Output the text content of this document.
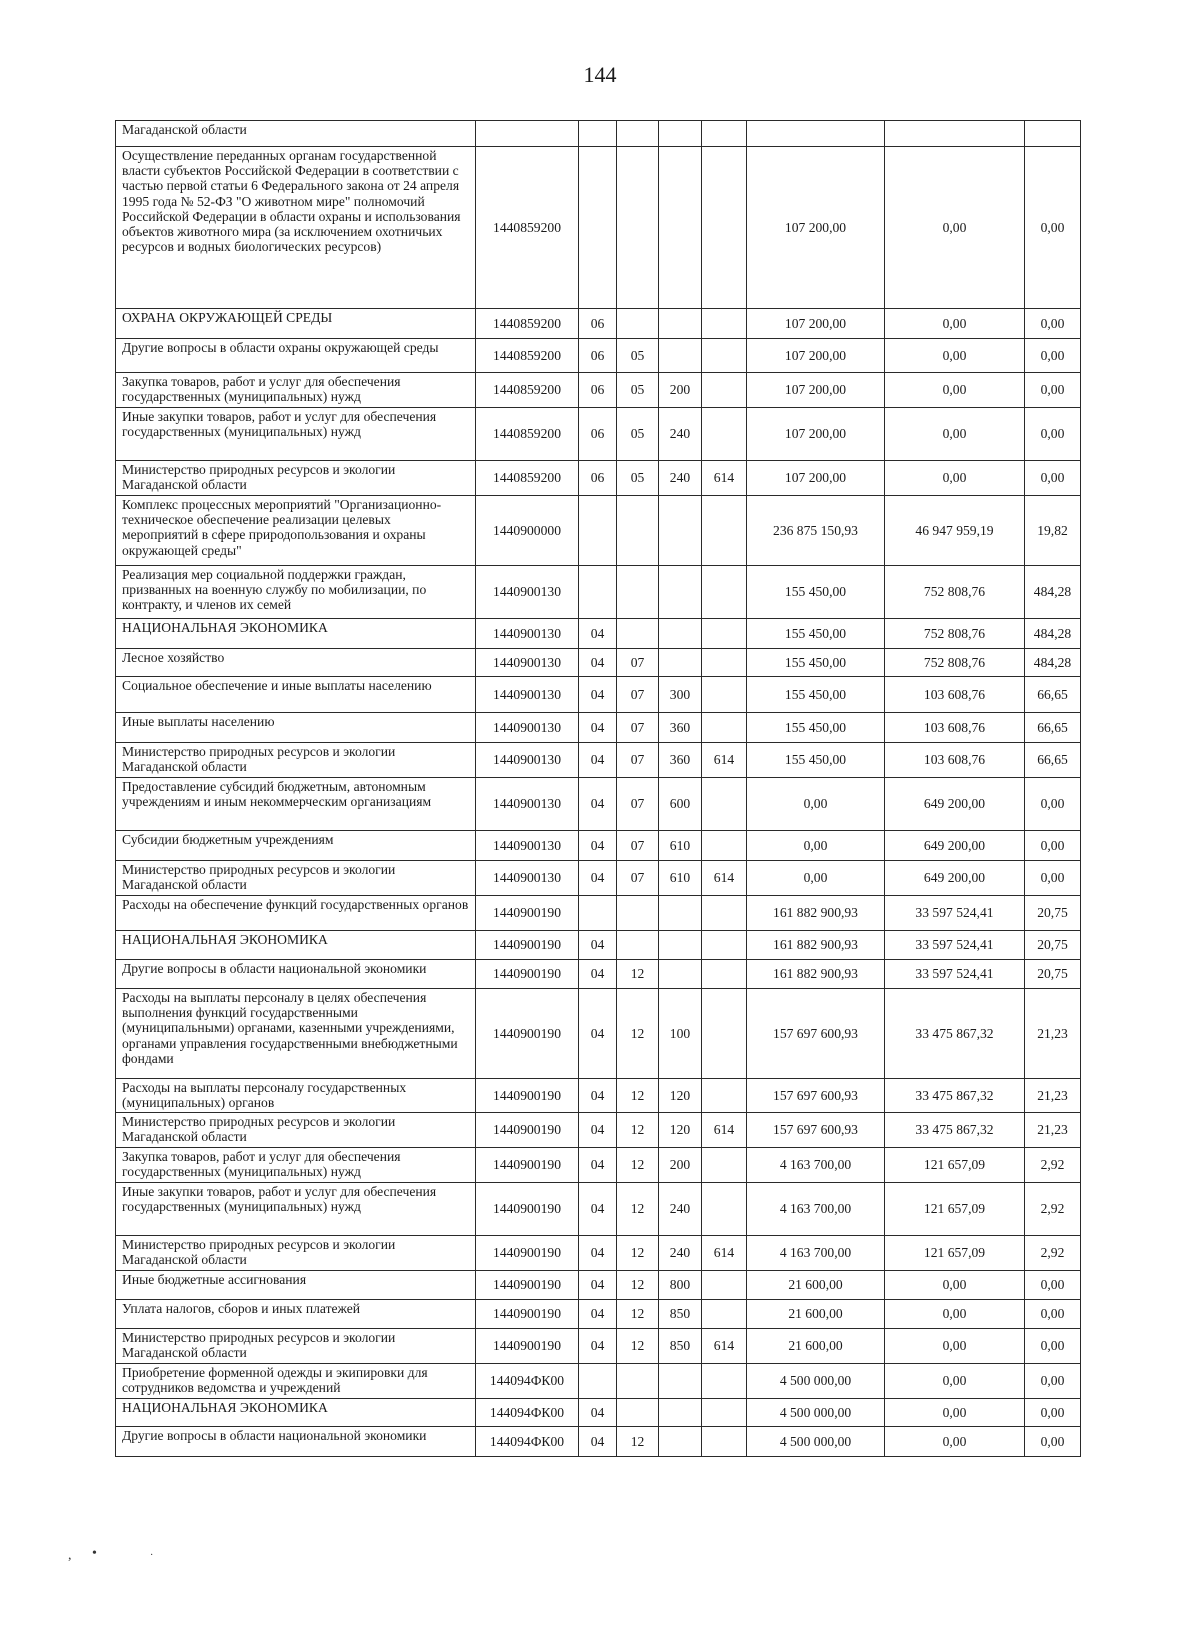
144
Магаданской области								
Осуществление переданных органам государственной власти субъектов Российской Федерации в соответствии с частью первой статьи 6 Федерального закона от 24 апреля 1995 года № 52-ФЗ "О животном мире" полномочий Российской Федерации в области охраны и использования объектов животного мира (за исключением охотничьих ресурсов и водных биологических ресурсов)	1440859200					107 200,00	0,00	0,00
ОХРАНА ОКРУЖАЮЩЕЙ СРЕДЫ	1440859200	06				107 200,00	0,00	0,00
Другие вопросы в области охраны окружающей среды	1440859200	06	05			107 200,00	0,00	0,00
Закупка товаров, работ и услуг для обеспечения государственных (муниципальных) нужд	1440859200	06	05	200		107 200,00	0,00	0,00
Иные закупки товаров, работ и услуг для обеспечения государственных (муниципальных) нужд	1440859200	06	05	240		107 200,00	0,00	0,00
Министерство природных ресурсов и экологии Магаданской области	1440859200	06	05	240	614	107 200,00	0,00	0,00
Комплекс процессных мероприятий "Организационно-техническое обеспечение реализации целевых мероприятий в сфере природопользования и охраны окружающей среды"	1440900000					236 875 150,93	46 947 959,19	19,82
Реализация мер социальной поддержки граждан, призванных на военную службу по мобилизации, по контракту, и членов их семей	1440900130					155 450,00	752 808,76	484,28
НАЦИОНАЛЬНАЯ ЭКОНОМИКА	1440900130	04				155 450,00	752 808,76	484,28
Лесное хозяйство	1440900130	04	07			155 450,00	752 808,76	484,28
Социальное обеспечение и иные выплаты населению	1440900130	04	07	300		155 450,00	103 608,76	66,65
Иные выплаты населению	1440900130	04	07	360		155 450,00	103 608,76	66,65
Министерство природных ресурсов и экологии Магаданской области	1440900130	04	07	360	614	155 450,00	103 608,76	66,65
Предоставление субсидий бюджетным, автономным учреждениям и иным некоммерческим организациям	1440900130	04	07	600		0,00	649 200,00	0,00
Субсидии бюджетным учреждениям	1440900130	04	07	610		0,00	649 200,00	0,00
Министерство природных ресурсов и экологии Магаданской области	1440900130	04	07	610	614	0,00	649 200,00	0,00
Расходы на обеспечение функций государственных органов	1440900190					161 882 900,93	33 597 524,41	20,75
НАЦИОНАЛЬНАЯ ЭКОНОМИКА	1440900190	04				161 882 900,93	33 597 524,41	20,75
Другие вопросы в области национальной экономики	1440900190	04	12			161 882 900,93	33 597 524,41	20,75
Расходы на выплаты персоналу в целях обеспечения выполнения функций государственными (муниципальными) органами, казенными учреждениями, органами управления государственными внебюджетными фондами	1440900190	04	12	100		157 697 600,93	33 475 867,32	21,23
Расходы на выплаты персоналу государственных (муниципальных) органов	1440900190	04	12	120		157 697 600,93	33 475 867,32	21,23
Министерство природных ресурсов и экологии Магаданской области	1440900190	04	12	120	614	157 697 600,93	33 475 867,32	21,23
Закупка товаров, работ и услуг для обеспечения государственных (муниципальных) нужд	1440900190	04	12	200		4 163 700,00	121 657,09	2,92
Иные закупки товаров, работ и услуг для обеспечения государственных (муниципальных) нужд	1440900190	04	12	240		4 163 700,00	121 657,09	2,92
Министерство природных ресурсов и экологии Магаданской области	1440900190	04	12	240	614	4 163 700,00	121 657,09	2,92
Иные бюджетные ассигнования	1440900190	04	12	800		21 600,00	0,00	0,00
Уплата налогов, сборов и иных платежей	1440900190	04	12	850		21 600,00	0,00	0,00
Министерство природных ресурсов и экологии Магаданской области	1440900190	04	12	850	614	21 600,00	0,00	0,00
Приобретение форменной одежды и экипировки для сотрудников ведомства и учреждений	144094ФК00					4 500 000,00	0,00	0,00
НАЦИОНАЛЬНАЯ ЭКОНОМИКА	144094ФК00	04				4 500 000,00	0,00	0,00
Другие вопросы в области национальной экономики	144094ФК00	04	12			4 500 000,00	0,00	0,00
, •	·
